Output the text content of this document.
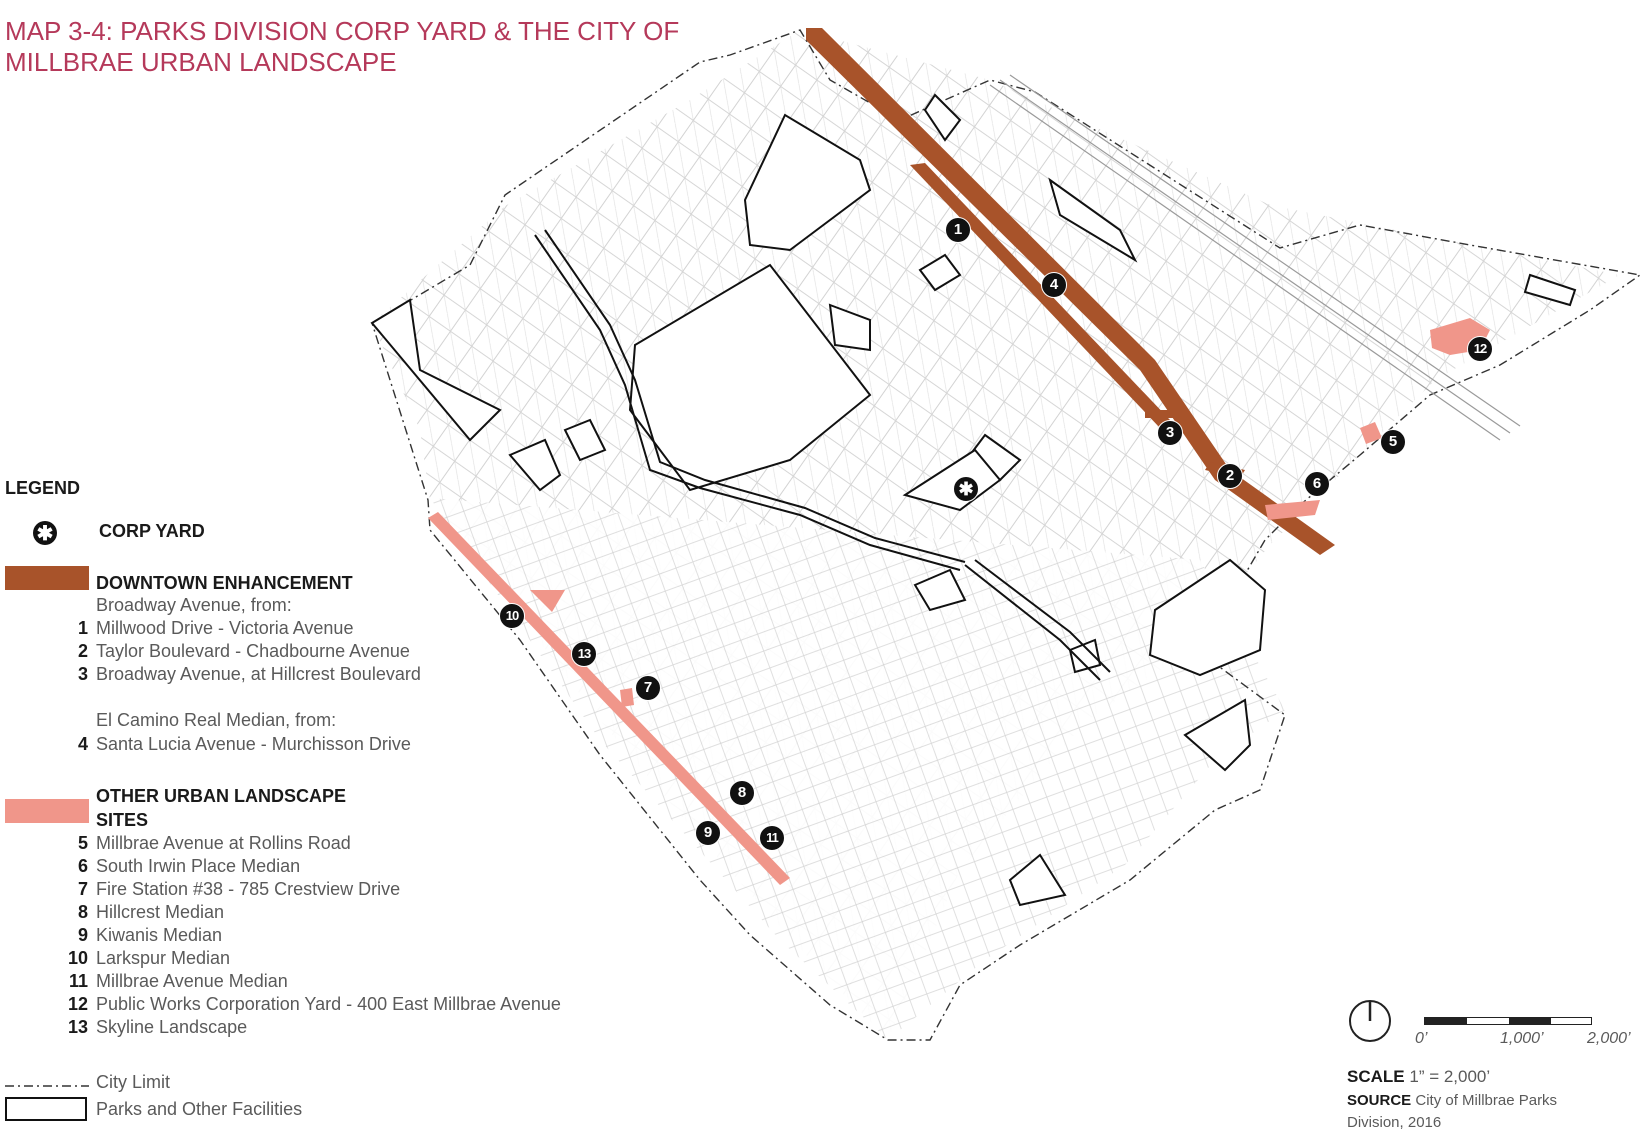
MAP 3-4: PARKS DIVISION CORP YARD & THE CITY OF
MILLBRAE URBAN LANDSCAPE
1
2
3
4
5
6
7
8
9
10
11
12
13
✱
LEGEND
✱	CORP YARD
DOWNTOWN ENHANCEMENT
Broadway Avenue, from:
1 Millwood Drive - Victoria Avenue
2 Taylor Boulevard - Chadbourne Avenue
3 Broadway Avenue, at Hillcrest Boulevard
El Camino Real Median, from:
4 Santa Lucia Avenue - Murchisson Drive
OTHER URBAN LANDSCAPE
SITES
5 Millbrae Avenue at Rollins Road
6 South Irwin Place Median
7 Fire Station #38 - 785 Crestview Drive
8 Hillcrest Median
9 Kiwanis Median
10 Larkspur Median
11 Millbrae Avenue Median
12 Public Works Corporation Yard - 400 East Millbrae Avenue
13 Skyline Landscape
City Limit
Parks and Other Facilities
0’	1,000’	2,000’
SCALE 1” = 2,000’
SOURCE City of Millbrae Parks
Division, 2016
